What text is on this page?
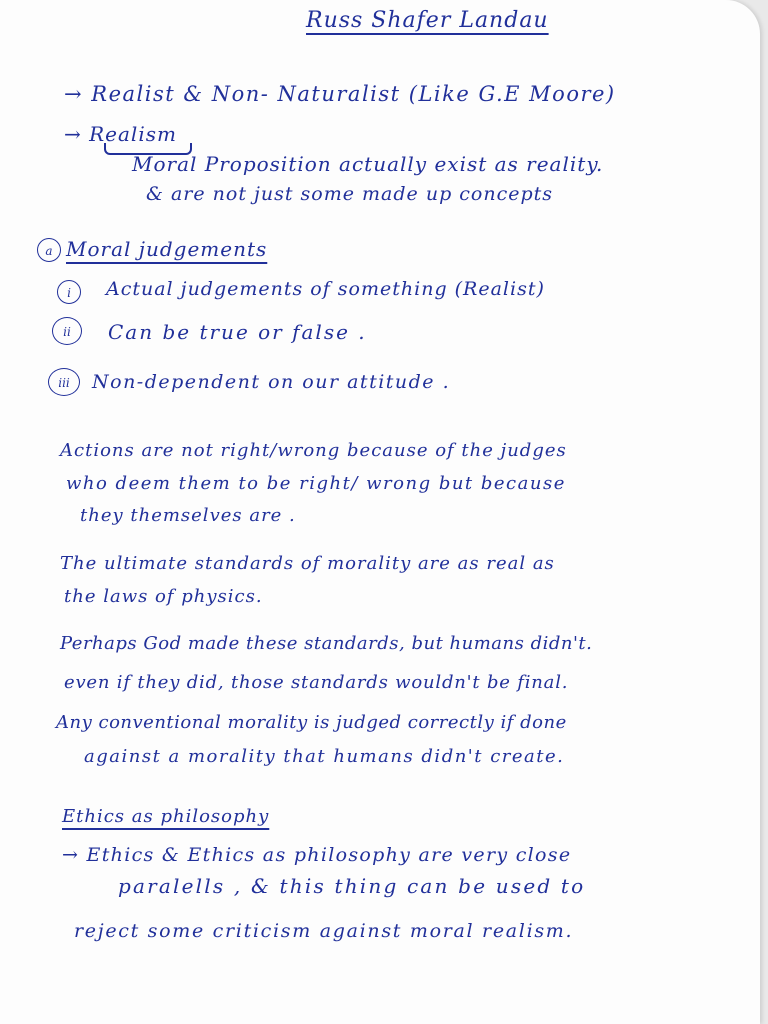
Russ Shafer Landau
→ Realist & Non- Naturalist (Like G.E Moore)
→ Realism
Moral Proposition actually exist as reality.
& are not just some made up concepts
a Moral judgements
i	Actual judgements of something (Realist)
ii	Can be true or false .
iii	Non-dependent on our attitude .
Actions are not right/wrong because of the judges
who deem them to be right/ wrong but because
they themselves are .
The ultimate standards of morality are as real as
the laws of physics.
Perhaps God made these standards, but humans didn't.
even if they did, those standards wouldn't be final.
Any conventional morality is judged correctly if done
against a morality that humans didn't create.
Ethics as philosophy
→ Ethics & Ethics as philosophy are very close
paralells , & this thing can be used to
reject some criticism against moral realism.
